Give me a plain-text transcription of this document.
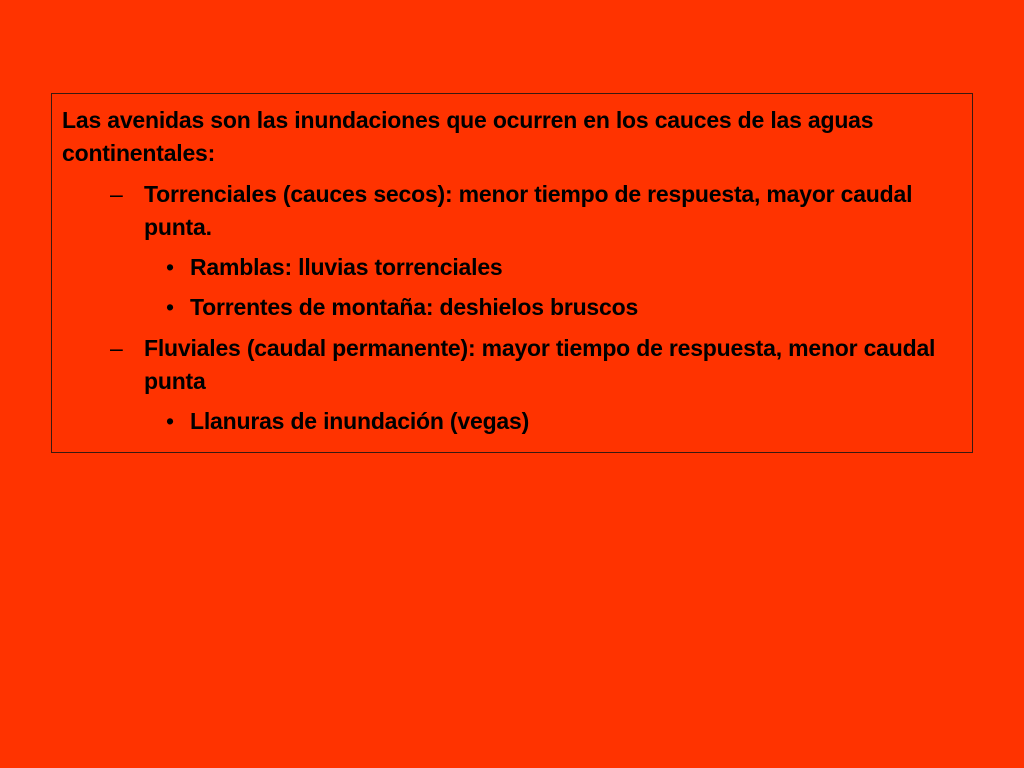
Las avenidas son las inundaciones que ocurren en los cauces de las aguas continentales:

– Torrenciales (cauces secos): menor tiempo de respuesta, mayor caudal punta.
• Ramblas: lluvias torrenciales
• Torrentes de montaña: deshielos bruscos
– Fluviales (caudal permanente): mayor tiempo de respuesta, menor caudal punta
• Llanuras de inundación (vegas)
